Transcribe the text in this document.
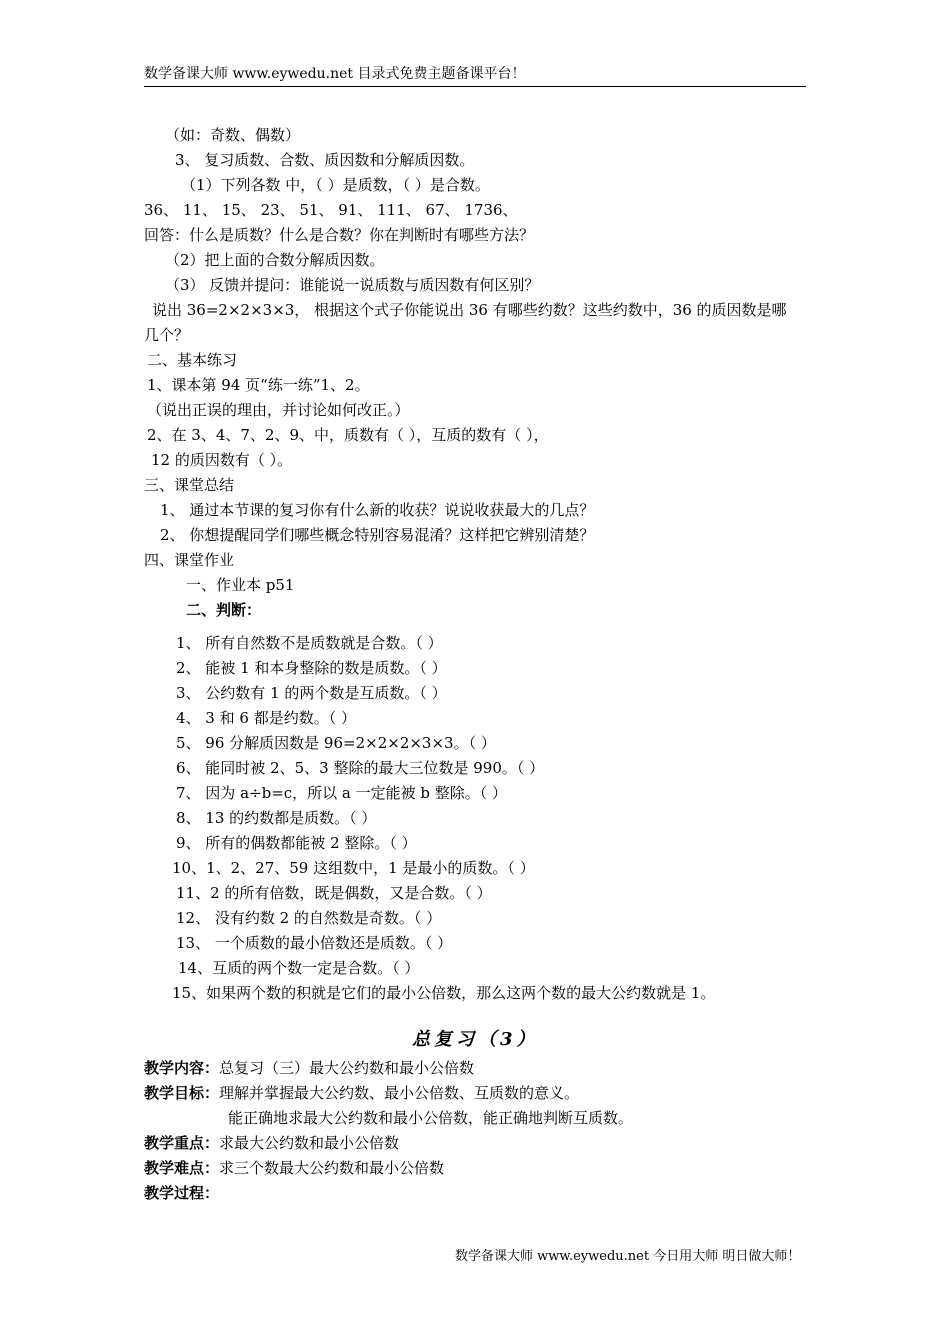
数学备课大师 www.eywedu.net 目录式免费主题备课平台！
（如：奇数、偶数）
3、 复习质数、合数、质因数和分解质因数。
（1）下列各数 中，（ ）是质数，（ ）是合数。
36、 11、 15、 23、 51、 91、 111、 67、 1736、
回答：什么是质数？什么是合数？你在判断时有哪些方法？
（2）把上面的合数分解质因数。
（3） 反馈并提问：谁能说一说质数与质因数有何区别？
说出 36=2×2×3×3， 根据这个式子你能说出 36 有哪些约数？这些约数中，36 的质因数是哪
几个？
二、基本练习
1、课本第 94 页“练一练”1、2。
（说出正误的理由，并讨论如何改正。）
2、在 3、4、7、2、9、中，质数有（ ），互质的数有（ ），
12 的质因数有（ ）。
三、课堂总结
1、 通过本节课的复习你有什么新的收获？说说收获最大的几点？
2、 你想提醒同学们哪些概念特别容易混淆？这样把它辨别清楚？
四、课堂作业
一、作业本 p51
二、判断：
1、 所有自然数不是质数就是合数。（ ）
2、 能被 1 和本身整除的数是质数。（ ）
3、 公约数有 1 的两个数是互质数。（ ）
4、 3 和 6 都是约数。（ ）
5、 96 分解质因数是 96=2×2×2×3×3。（ ）
6、 能同时被 2、5、3 整除的最大三位数是 990。（ ）
7、 因为 a÷b=c，所以 a 一定能被 b 整除。（ ）
8、 13 的约数都是质数。（ ）
9、 所有的偶数都能被 2 整除。（ ）
10、1、2、27、59 这组数中，1 是最小的质数。（ ）
11、2 的所有倍数，既是偶数，又是合数。（ ）
12、 没有约数 2 的自然数是奇数。（ ）
13、 一个质数的最小倍数还是质数。（ ）
14、互质的两个数一定是合数。（ ）
15、如果两个数的积就是它们的最小公倍数，那么这两个数的最大公约数就是 1。
总复习（3）
教学内容：总复习（三）最大公约数和最小公倍数
教学目标：理解并掌握最大公约数、最小公倍数、互质数的意义。
能正确地求最大公约数和最小公倍数，能正确地判断互质数。
教学重点：求最大公约数和最小公倍数
教学难点：求三个数最大公约数和最小公倍数
教学过程：
数学备课大师 www.eywedu.net 今日用大师 明日做大师！
